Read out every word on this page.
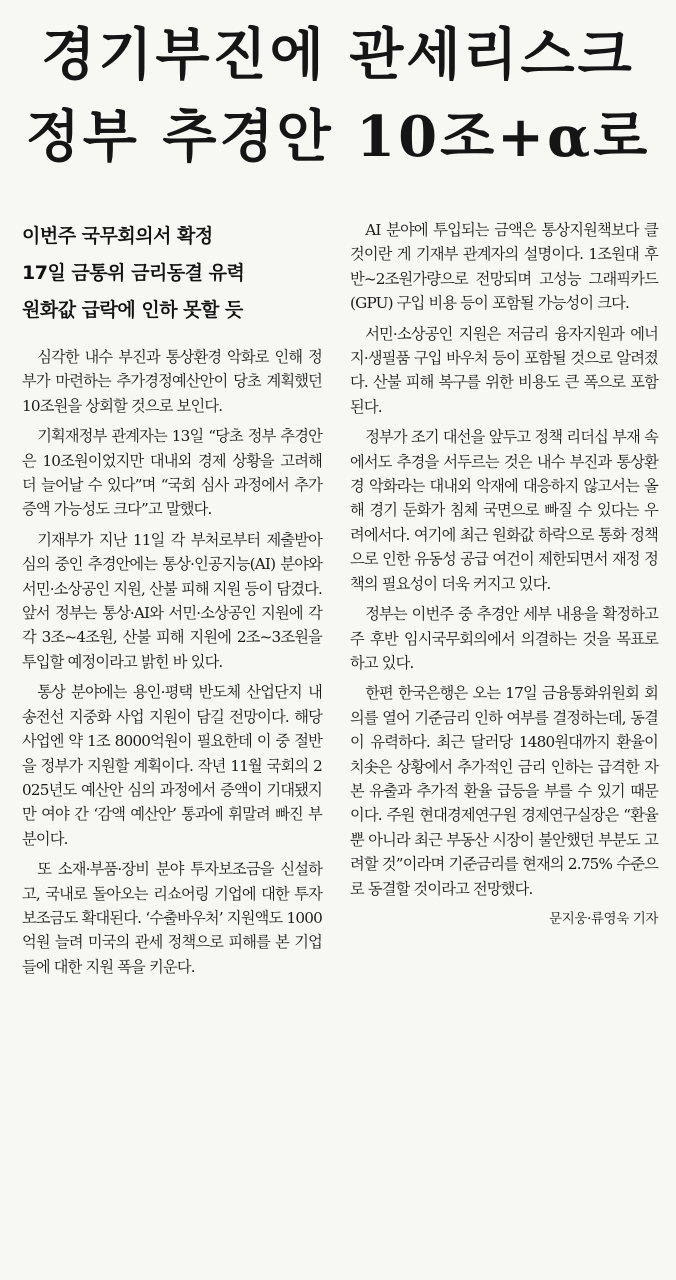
경기부진에 관세리스크
정부 추경안 10조+α로
이번주 국무회의서 확정
17일 금통위 금리동결 유력
원화값 급락에 인하 못할 듯

심각한 내수 부진과 통상환경 악화로 인해 정부가 마련하는 추가경정예산안이 당초 계획했던 10조원을 상회할 것으로 보인다.

기획재정부 관계자는 13일 “당초 정부 추경안은 10조원이었지만 대내외 경제 상황을 고려해 더 늘어날 수 있다”며 “국회 심사 과정에서 추가 증액 가능성도 크다”고 말했다.

기재부가 지난 11일 각 부처로부터 제출받아 심의 중인 추경안에는 통상·인공지능(AI) 분야와 서민·소상공인 지원, 산불 피해 지원 등이 담겼다. 앞서 정부는 통상·AI와 서민·소상공인 지원에 각각 3조~4조원, 산불 피해 지원에 2조~3조원을 투입할 예정이라고 밝힌 바 있다.

통상 분야에는 용인·평택 반도체 산업단지 내 송전선 지중화 사업 지원이 담길 전망이다. 해당 사업엔 약 1조 8000억원이 필요한데 이 중 절반을 정부가 지원할 계획이다. 작년 11월 국회의 2025년도 예산안 심의 과정에서 증액이 기대됐지만 여야 간 ‘감액 예산안’ 통과에 휘말려 빠진 부분이다.

또 소재·부품·장비 분야 투자보조금을 신설하고, 국내로 돌아오는 리쇼어링 기업에 대한 투자보조금도 확대된다. ‘수출바우처’ 지원액도 1000억원 늘려 미국의 관세 정책으로 피해를 본 기업들에 대한 지원 폭을 키운다.

AI 분야에 투입되는 금액은 통상지원책보다 클 것이란 게 기재부 관계자의 설명이다. 1조원대 후반~2조원가량으로 전망되며 고성능 그래픽카드(GPU) 구입 비용 등이 포함될 가능성이 크다.

서민·소상공인 지원은 저금리 융자지원과 에너지·생필품 구입 바우처 등이 포함될 것으로 알려졌다. 산불 피해 복구를 위한 비용도 큰 폭으로 포함된다.

정부가 조기 대선을 앞두고 정책 리더십 부재 속에서도 추경을 서두르는 것은 내수 부진과 통상환경 악화라는 대내외 악재에 대응하지 않고서는 올해 경기 둔화가 침체 국면으로 빠질 수 있다는 우려에서다. 여기에 최근 원화값 하락으로 통화 정책으로 인한 유동성 공급 여건이 제한되면서 재정 정책의 필요성이 더욱 커지고 있다.

정부는 이번주 중 추경안 세부 내용을 확정하고 주 후반 임시국무회의에서 의결하는 것을 목표로 하고 있다.

한편 한국은행은 오는 17일 금융통화위원회 회의를 열어 기준금리 인하 여부를 결정하는데, 동결이 유력하다. 최근 달러당 1480원대까지 환율이 치솟은 상황에서 추가적인 금리 인하는 급격한 자본 유출과 추가적 환율 급등을 부를 수 있기 때문이다. 주원 현대경제연구원 경제연구실장은 “환율뿐 아니라 최근 부동산 시장이 불안했던 부분도 고려할 것”이라며 기준금리를 현재의 2.75% 수준으로 동결할 것이라고 전망했다.

문지웅·류영욱 기자
